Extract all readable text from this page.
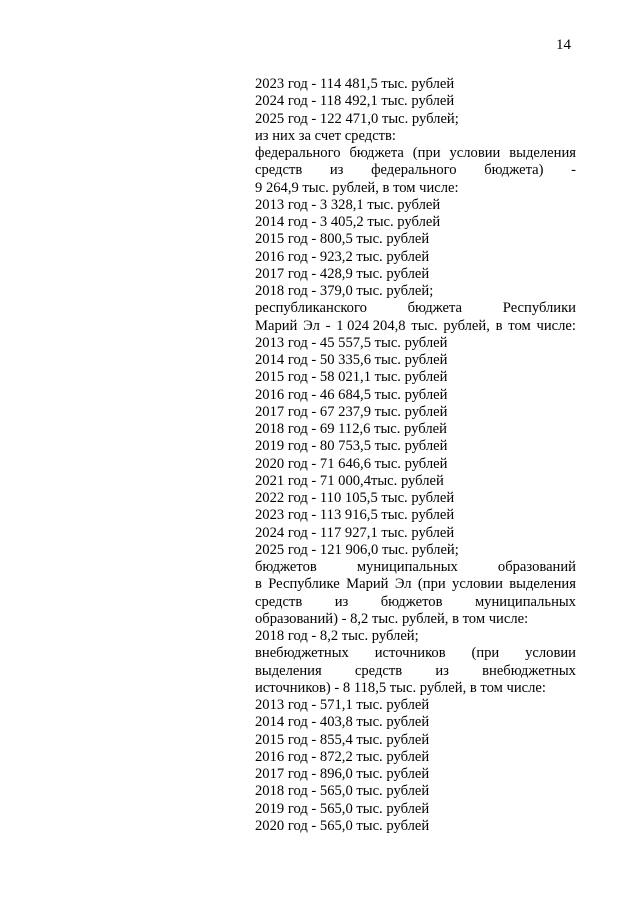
14
2023 год - 114 481,5 тыс. рублей
2024 год - 118 492,1 тыс. рублей
2025 год - 122 471,0 тыс. рублей;
из них за счет средств:
федерального бюджета (при условии выделения
средств из федерального бюджета) -
9 264,9 тыс. рублей, в том числе:
2013 год - 3 328,1 тыс. рублей
2014 год - 3 405,2 тыс. рублей
2015 год - 800,5 тыс. рублей
2016 год - 923,2 тыс. рублей
2017 год - 428,9 тыс. рублей
2018 год - 379,0 тыс. рублей;
республиканского	бюджета	Республики
Марий Эл - 1 024 204,8 тыс. рублей, в том числе:
2013 год - 45 557,5 тыс. рублей
2014 год - 50 335,6 тыс. рублей
2015 год - 58 021,1 тыс. рублей
2016 год - 46 684,5 тыс. рублей
2017 год - 67 237,9 тыс. рублей
2018 год - 69 112,6 тыс. рублей
2019 год - 80 753,5 тыс. рублей
2020 год - 71 646,6 тыс. рублей
2021 год - 71 000,4тыс. рублей
2022 год - 110 105,5 тыс. рублей
2023 год - 113 916,5 тыс. рублей
2024 год - 117 927,1 тыс. рублей
2025 год - 121 906,0 тыс. рублей;
бюджетов	муниципальных	образований
в Республике Марий Эл (при условии выделения
средств из бюджетов муниципальных
образований) - 8,2 тыс. рублей, в том числе:
2018 год - 8,2 тыс. рублей;
внебюджетных источников (при условии
выделения средств из внебюджетных
источников) - 8 118,5 тыс. рублей, в том числе:
2013 год - 571,1 тыс. рублей
2014 год - 403,8 тыс. рублей
2015 год - 855,4 тыс. рублей
2016 год - 872,2 тыс. рублей
2017 год - 896,0 тыс. рублей
2018 год - 565,0 тыс. рублей
2019 год - 565,0 тыс. рублей
2020 год - 565,0 тыс. рублей
